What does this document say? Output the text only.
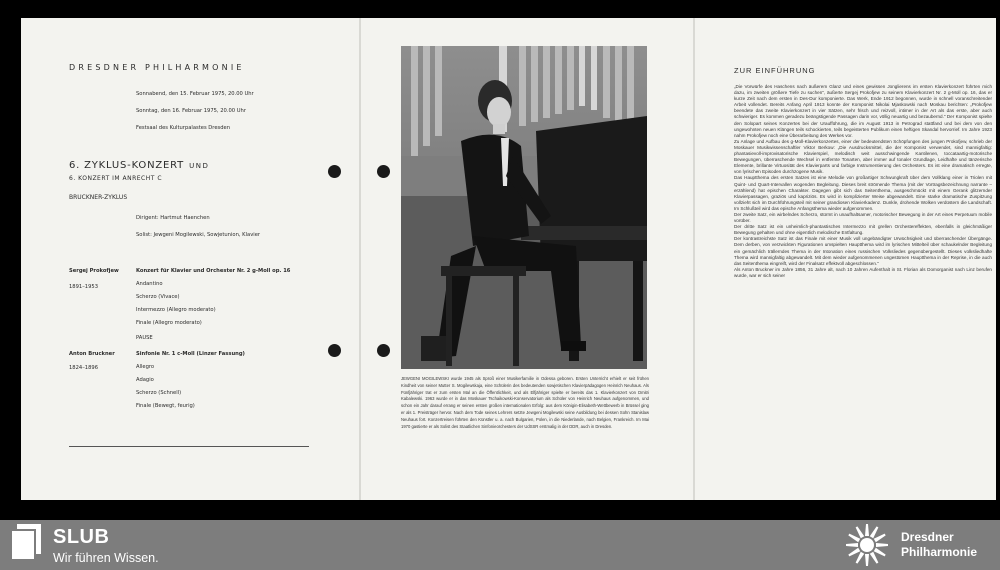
DRESDNER PHILHARMONIE
Sonnabend, den 15. Februar 1975, 20.00 Uhr
Sonntag, den 16. Februar 1975, 20.00 Uhr
Festsaal des Kulturpalastes Dresden
6. ZYKLUS-KONZERT UND
6. KONZERT IM ANRECHT C
BRUCKNER-ZYKLUS
Dirigent: Hartmut Haenchen
Solist: Jewgeni Mogilewski, Sowjetunion, Klavier
Sergej Prokofjew
1891–1953
Konzert für Klavier und Orchester Nr. 2 g-Moll op. 16
Andantino
Scherzo (Vivace)
Intermezzo (Allegro moderato)
Finale (Allegro moderato)
PAUSE
Anton Bruckner
1824–1896
Sinfonie Nr. 1 c-Moll (Linzer Fassung)
Allegro
Adagio
Scherzo (Schnell)
Finale (Bewegt, feurig)
JEWGENI MOGILEWSKI wurde 1945 als Sproß einer Musikerfamilie in Odessa geboren. Ersten Unterricht erhielt er seit frühen Kindheit von seiner Mutter S. Mogilewskaja, eine Schülerin des bedeutenden sowjetischen Klavierpädagogen Heinrich Neuhaus. Als Fünfjähriger trat er zum ersten Mal an die Öffentlichkeit, und als Elfjähriger spielte er bereits das 1. Klavierkonzert von Dmitri Kabalewski. 1963 wurde er in das Moskauer Tschaikowski-Konservatorium als Schüler von Heinrich Neuhaus aufgenommen, und schon ein Jahr darauf errang er seinen ersten großen internationalen Erfolg: aus dem Königin-Elisabeth-Wettbewerb in Brüssel ging er als 1. Preisträger hervor. Nach dem Tode seines Lehrers setzte Jewgeni Mogilewski seine Ausbildung bei dessen Sohn Stanislaw Neuhaus fort. Konzertreisen führten den Künstler u. a. nach Bulgarien, Polen, in die Niederlande, nach Belgien, Frankreich. Im Mai 1970 gastierte er als Solist des Staatlichen Sinfonieorchesters der UdSSR erstmalig in der DDR, auch in Dresden.
ZUR EINFÜHRUNG

„Die Vorwürfe des Haschens nach äußerem Glanz und eines gewissen Jonglierens im ersten Klavierkonzert führten mich dazu, im zweiten größere Tiefe zu suchen", äußerte Sergej Prokofjew zu seinem Klavierkonzert Nr. 2 g-Moll op. 16, das er kurze Zeit nach dem ersten in Des-Dur komponierte. Das Werk, Ende 1912 begonnen, wurde in schnell voranschreitender Arbeit vollendet. Bereits Anfang April 1913 konnte der Komponist Nikolai Mjaskowski nach Moskau berichten: „Prokofjew beendete das zweite Klavierkonzert in vier Sätzen, sehr frisch und reizvoll, intimer in der Art als das erste, aber auch schwieriger. Es kommen geradezu beängstigende Passagen darin vor, völlig neuartig und bezaubernd." Der Komponist spielte den Solopart seines Konzertes bei der Uraufführung, die im August 1913 in Petrograd stattfand und bei dem von den ungewohnten neuen Klängen teils schockierten, teils begeisterten Publikum einen heftigen Skandal hervorrief. Im Jahre 1923 nahm Prokofjew noch eine Überarbeitung des Werkes vor.

Zu Anlage und Aufbau des g-Moll-Klavierkonzertes, einer der bedeutendsten Schöpfungen des jungen Prokofjew, schrieb der Moskauer Musikwissenschaftler Viktor Berkow: „Die Ausdrucksmittel, die der Komponist verwendet, sind mannigfaltig: phantasievoll-improvisatorische Klavierspiel, melodisch weit ausschwingende Kantilenen, toccataartig-motorische Bewegungen, überraschende Wechsel in entfernte Tonarten, aber immer auf tonaler Grundlage, Leidhafte und tänzerische Elemente, brillante Virtuosität des Klavierparts und farbige Instrumentierung des Orchesters. Es ist eine dramatisch erregte, von lyrischen Episoden durchzogene Musik.

Das Hauptthema des ersten Satzes ist eine Melodie von großartiger Schwungkraft über dem Vollklang einer in Triolen mit Quint- und Quart-Intervallen wogenden Begleitung. Dieses breit strömende Thema (mit der Vortragsbezeichnung narrante – erzählend) hat epischen Charakter. Dagegen gibt sich das Seitenthema, ausgeschmückt mit einem Gerank glitzernder Klavierpassagen, graziös und kapriziös. Es wird in komplizierter Weise abgewandelt. Eine starke dramatische Zuspitzung vollzieht sich im Durchführungsteil mit seiner grandiosen Klavierkadenz. Dunkle, drohende Wolken verdüstern die Landschaft. Im Schlußteil wird das epische Anfangsthema wieder aufgenommen.

Der zweite Satz, ein wirbelndes Scherzo, stürmt in unaufhaltsamer, motorischer Bewegung in der Art eines Perpetuum mobile vorüber.

Der dritte Satz ist ein unheimlich-phantastisches Intermezzo mit grellen Orchestereffekten, ebenfalls in gleichmäßiger Bewegung gehalten und ohne eigentlich melodische Entfaltung.

Der kontrastreichste Satz ist das Finale mit einer Musik voll ungebändigter Urwüchsigkeit und überraschender Übergänge. Dem derben, von verzwickten Figurationen umspielten Hauptthema wird im lyrischen Mittelteil über schaukelnder Begleitung ein gemächlich trällerndes Thema in der Intonation eines russischen Volksliedes gegenübergestellt. Dieses volksliedhafte Thema wird mannigfaltig abgewandelt. Mit dem wieder aufgenommenen ungestümen Hauptthema in der Reprise, in die auch das Seitenthema eingreift, wird der Finalsatz effektvoll abgeschlossen."

Als Anton Bruckner im Jahre 1856, 31 Jahre alt, nach 10 Jahren Aufenthalt in St. Florian als Domorganist nach Linz berufen wurde, war er sich seiner

SLUB
Wir führen Wissen.
Dresdner
Philharmonie
